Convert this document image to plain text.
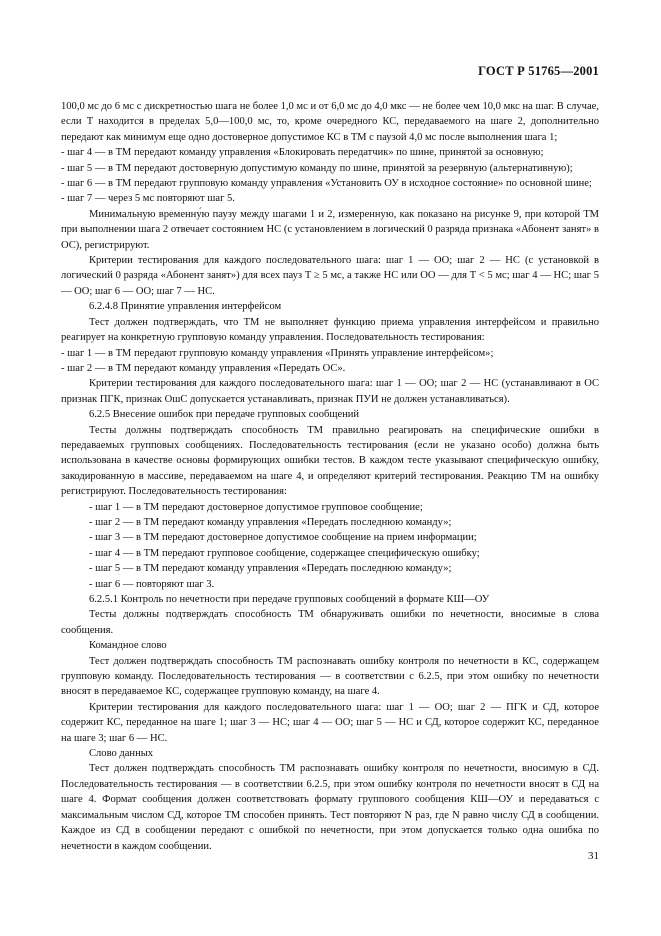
ГОСТ Р 51765—2001

100,0 мс до 6 мс с дискретностью шага не более 1,0 мс и от 6,0 мс до 4,0 мкс — не более чем 10,0 мкс на шаг. В случае, если T находится в пределах 5,0—100,0 мс, то, кроме очередного КС, передаваемого на шаге 2, дополнительно передают как минимум еще одно достоверное допустимое КС в ТМ с паузой 4,0 мс после выполнения шага 1;

- шаг 4 — в ТМ передают команду управления «Блокировать передатчик» по шине, принятой за основную;

- шаг 5 — в ТМ передают достоверную допустимую команду по шине, принятой за резервную (альтернативную);

- шаг 6 — в ТМ передают групповую команду управления «Установить ОУ в исходное состояние» по основной шине;

- шаг 7 — через 5 мс повторяют шаг 5.

Минимальную временну́ю паузу между шагами 1 и 2, измеренную, как показано на рисунке 9, при которой ТМ при выполнении шага 2 отвечает состоянием НС (с установлением в логический 0 разряда признака «Абонент занят» в ОС), регистрируют.

Критерии тестирования для каждого последовательного шага: шаг 1 — ОО; шаг 2 — НС (с установкой в логический 0 разряда «Абонент занят») для всех пауз T ≥ 5 мс, а также НС или ОО — для T < 5 мс; шаг 4 — НС; шаг 5 — ОО; шаг 6 — ОО; шаг 7 — НС.

6.2.4.8 Принятие управления интерфейсом

Тест должен подтверждать, что ТМ не выполняет функцию приема управления интерфейсом и правильно реагирует на конкретную групповую команду управления. Последовательность тестирования:

- шаг 1 — в ТМ передают групповую команду управления «Принять управление интерфейсом»;

- шаг 2 — в ТМ передают команду управления «Передать ОС».

Критерии тестирования для каждого последовательного шага: шаг 1 — ОО; шаг 2 — НС (устанавливают в ОС признак ПГК, признак ОшС допускается устанавливать, признак ПУИ не должен устанавливаться).

6.2.5 Внесение ошибок при передаче групповых сообщений

Тесты должны подтверждать способность ТМ правильно реагировать на специфические ошибки в передаваемых групповых сообщениях. Последовательность тестирования (если не указано особо) должна быть использована в качестве основы формирующих ошибки тестов. В каждом тесте указывают специфическую ошибку, закодированную в массиве, передаваемом на шаге 4, и определяют критерий тестирования. Реакцию ТМ на ошибку регистрируют. Последовательность тестирования:

- шаг 1 — в ТМ передают достоверное допустимое групповое сообщение;

- шаг 2 — в ТМ передают команду управления «Передать последнюю команду»;

- шаг 3 — в ТМ передают достоверное допустимое сообщение на прием информации;

- шаг 4 — в ТМ передают групповое сообщение, содержащее специфическую ошибку;

- шаг 5 — в ТМ передают команду управления «Передать последнюю команду»;

- шаг 6 — повторяют шаг 3.

6.2.5.1 Контроль по нечетности при передаче групповых сообщений в формате КШ—ОУ

Тесты должны подтверждать способность ТМ обнаруживать ошибки по нечетности, вносимые в слова сообщения.

Командное слово

Тест должен подтверждать способность ТМ распознавать ошибку контроля по нечетности в КС, содержащем групповую команду. Последовательность тестирования — в соответствии с 6.2.5, при этом ошибку по нечетности вносят в передаваемое КС, содержащее групповую команду, на шаге 4.

Критерии тестирования для каждого последовательного шага: шаг 1 — ОО; шаг 2 — ПГК и СД, которое содержит КС, переданное на шаге 1; шаг 3 — НС; шаг 4 — ОО; шаг 5 — НС и СД, которое содержит КС, переданное на шаге 3; шаг 6 — НС.

Слово данных

Тест должен подтверждать способность ТМ распознавать ошибку контроля по нечетности, вносимую в СД. Последовательность тестирования — в соответствии 6.2.5, при этом ошибку контроля по нечетности вносят в СД на шаге 4. Формат сообщения должен соответствовать формату группового сообщения КШ—ОУ и передаваться с максимальным числом СД, которое ТМ способен принять. Тест повторяют N раз, где N равно числу СД в сообщении. Каждое из СД в сообщении передают с ошибкой по нечетности, при этом допускается только одна ошибка по нечетности в каждом сообщении.

31
